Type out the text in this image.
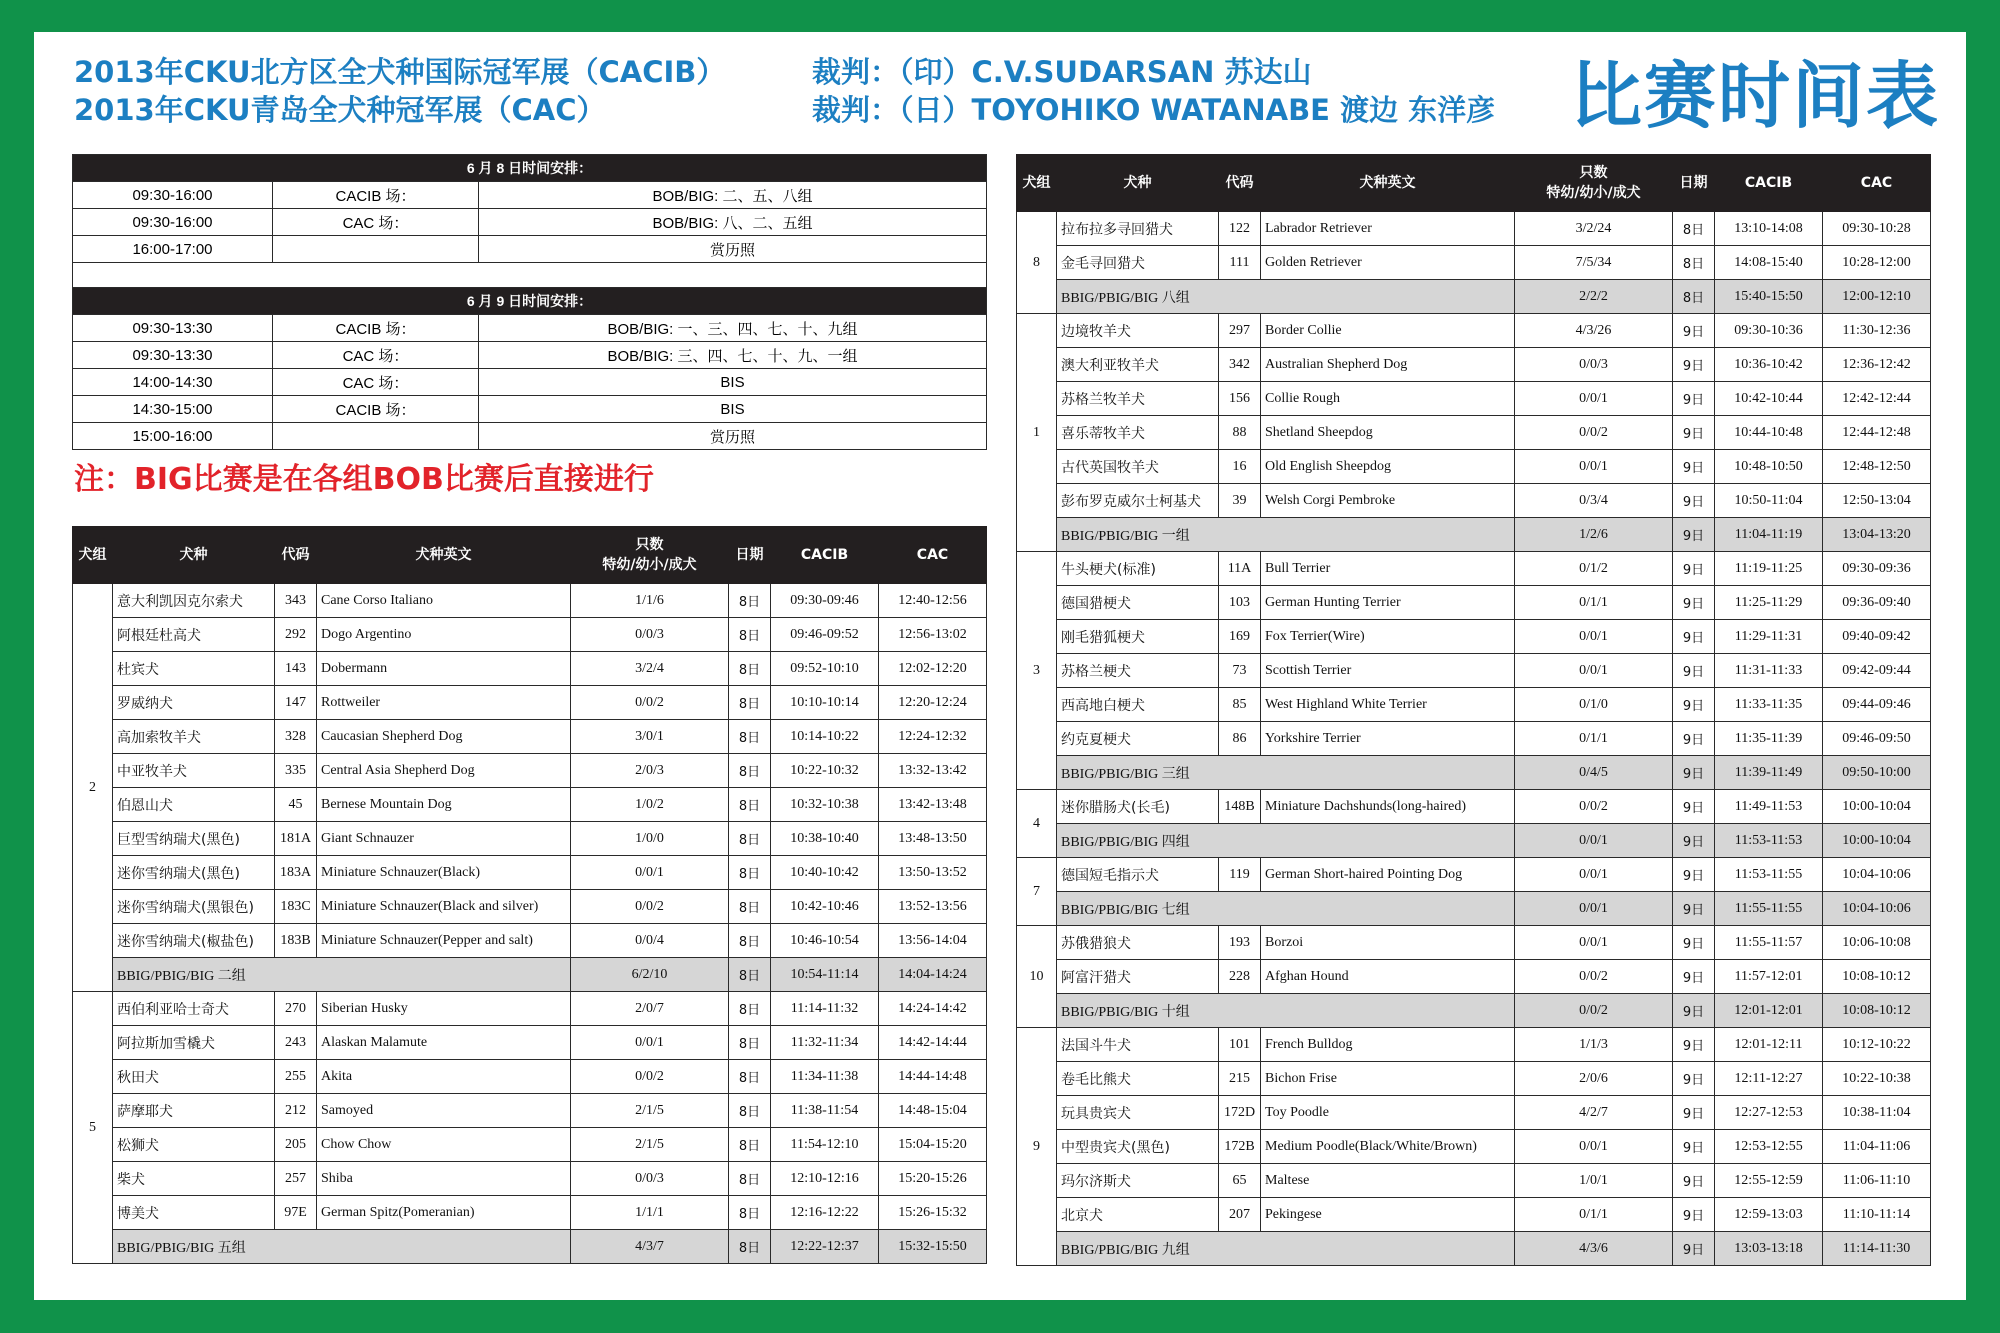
2013年CKU北方区全犬种国际冠军展（CACIB）
2013年CKU青岛全犬种冠军展（CAC）
裁判：（印）C.V.SUDARSAN 苏达山
裁判：（日）TOYOHIKO WATANABE 渡边 东洋彦 比赛时间表
6 月 8 日时间安排：		
09:30-16:00	CACIB 场：	BOB/BIG: 二、五、八组
09:30-16:00	CAC 场：	BOB/BIG: 八、二、五组
16:00-17:00		赏历照

6 月 9 日时间安排：		
09:30-13:30	CACIB 场：	BOB/BIG: 一、三、四、七、十、九组
09:30-13:30	CAC 场：	BOB/BIG: 三、四、七、十、九、一组
14:00-14:30	CAC 场：	BIS
14:30-15:00	CACIB 场：	BIS
15:00-16:00		赏历照
注：BIG比赛是在各组BOB比赛后直接进行
犬组	犬种	代码	犬种英文	只数
特幼/幼小/成犬	日期	CACIB	CAC
2	意大利凯因克尔索犬	343	Cane Corso Italiano	1/1/6	8日	09:30-09:46	12:40-12:56
	阿根廷杜高犬	292	Dogo Argentino	0/0/3	8日	09:46-09:52	12:56-13:02
	杜宾犬	143	Dobermann	3/2/4	8日	09:52-10:10	12:02-12:20
	罗威纳犬	147	Rottweiler	0/0/2	8日	10:10-10:14	12:20-12:24
	高加索牧羊犬	328	Caucasian Shepherd Dog	3/0/1	8日	10:14-10:22	12:24-12:32
	中亚牧羊犬	335	Central Asia Shepherd Dog	2/0/3	8日	10:22-10:32	13:32-13:42
	伯恩山犬	45	Bernese Mountain Dog	1/0/2	8日	10:32-10:38	13:42-13:48
	巨型雪纳瑞犬(黑色)	181A	Giant Schnauzer	1/0/0	8日	10:38-10:40	13:48-13:50
	迷你雪纳瑞犬(黑色)	183A	Miniature Schnauzer(Black)	0/0/1	8日	10:40-10:42	13:50-13:52
	迷你雪纳瑞犬(黑银色)	183C	Miniature Schnauzer(Black and silver)	0/0/2	8日	10:42-10:46	13:52-13:56
	迷你雪纳瑞犬(椒盐色)	183B	Miniature Schnauzer(Pepper and salt)	0/0/4	8日	10:46-10:54	13:56-14:04
	BBIG/PBIG/BIG 二组			6/2/10	8日	10:54-11:14	14:04-14:24
5	西伯利亚哈士奇犬	270	Siberian Husky	2/0/7	8日	11:14-11:32	14:24-14:42
	阿拉斯加雪橇犬	243	Alaskan Malamute	0/0/1	8日	11:32-11:34	14:42-14:44
	秋田犬	255	Akita	0/0/2	8日	11:34-11:38	14:44-14:48
	萨摩耶犬	212	Samoyed	2/1/5	8日	11:38-11:54	14:48-15:04
	松狮犬	205	Chow Chow	2/1/5	8日	11:54-12:10	15:04-15:20
	柴犬	257	Shiba	0/0/3	8日	12:10-12:16	15:20-15:26
	博美犬	97E	German Spitz(Pomeranian)	1/1/1	8日	12:16-12:22	15:26-15:32
	BBIG/PBIG/BIG 五组			4/3/7	8日	12:22-12:37	15:32-15:50
犬组	犬种	代码	犬种英文	只数
特幼/幼小/成犬	日期	CACIB	CAC
8	拉布拉多寻回猎犬	122	Labrador Retriever	3/2/24	8日	13:10-14:08	09:30-10:28
	金毛寻回猎犬	111	Golden Retriever	7/5/34	8日	14:08-15:40	10:28-12:00
	BBIG/PBIG/BIG 八组			2/2/2	8日	15:40-15:50	12:00-12:10
1	边境牧羊犬	297	Border Collie	4/3/26	9日	09:30-10:36	11:30-12:36
	澳大利亚牧羊犬	342	Australian Shepherd Dog	0/0/3	9日	10:36-10:42	12:36-12:42
	苏格兰牧羊犬	156	Collie Rough	0/0/1	9日	10:42-10:44	12:42-12:44
	喜乐蒂牧羊犬	88	Shetland Sheepdog	0/0/2	9日	10:44-10:48	12:44-12:48
	古代英国牧羊犬	16	Old English Sheepdog	0/0/1	9日	10:48-10:50	12:48-12:50
	彭布罗克威尔士柯基犬	39	Welsh Corgi Pembroke	0/3/4	9日	10:50-11:04	12:50-13:04
	BBIG/PBIG/BIG 一组			1/2/6	9日	11:04-11:19	13:04-13:20
3	牛头梗犬(标准)	11A	Bull Terrier	0/1/2	9日	11:19-11:25	09:30-09:36
	德国猎梗犬	103	German Hunting Terrier	0/1/1	9日	11:25-11:29	09:36-09:40
	刚毛猎狐梗犬	169	Fox Terrier(Wire)	0/0/1	9日	11:29-11:31	09:40-09:42
	苏格兰梗犬	73	Scottish Terrier	0/0/1	9日	11:31-11:33	09:42-09:44
	西高地白梗犬	85	West Highland White Terrier	0/1/0	9日	11:33-11:35	09:44-09:46
	约克夏梗犬	86	Yorkshire Terrier	0/1/1	9日	11:35-11:39	09:46-09:50
	BBIG/PBIG/BIG 三组			0/4/5	9日	11:39-11:49	09:50-10:00
4	迷你腊肠犬(长毛)	148B	Miniature Dachshunds(long-haired)	0/0/2	9日	11:49-11:53	10:00-10:04
	BBIG/PBIG/BIG 四组			0/0/1	9日	11:53-11:53	10:00-10:04
7	德国短毛指示犬	119	German Short-haired Pointing Dog	0/0/1	9日	11:53-11:55	10:04-10:06
	BBIG/PBIG/BIG 七组			0/0/1	9日	11:55-11:55	10:04-10:06
10	苏俄猎狼犬	193	Borzoi	0/0/1	9日	11:55-11:57	10:06-10:08
	阿富汗猎犬	228	Afghan Hound	0/0/2	9日	11:57-12:01	10:08-10:12
	BBIG/PBIG/BIG 十组			0/0/2	9日	12:01-12:01	10:08-10:12
9	法国斗牛犬	101	French Bulldog	1/1/3	9日	12:01-12:11	10:12-10:22
	卷毛比熊犬	215	Bichon Frise	2/0/6	9日	12:11-12:27	10:22-10:38
	玩具贵宾犬	172D	Toy Poodle	4/2/7	9日	12:27-12:53	10:38-11:04
	中型贵宾犬(黑色)	172B	Medium Poodle(Black/White/Brown)	0/0/1	9日	12:53-12:55	11:04-11:06
	玛尔济斯犬	65	Maltese	1/0/1	9日	12:55-12:59	11:06-11:10
	北京犬	207	Pekingese	0/1/1	9日	12:59-13:03	11:10-11:14
	BBIG/PBIG/BIG 九组			4/3/6	9日	13:03-13:18	11:14-11:30
